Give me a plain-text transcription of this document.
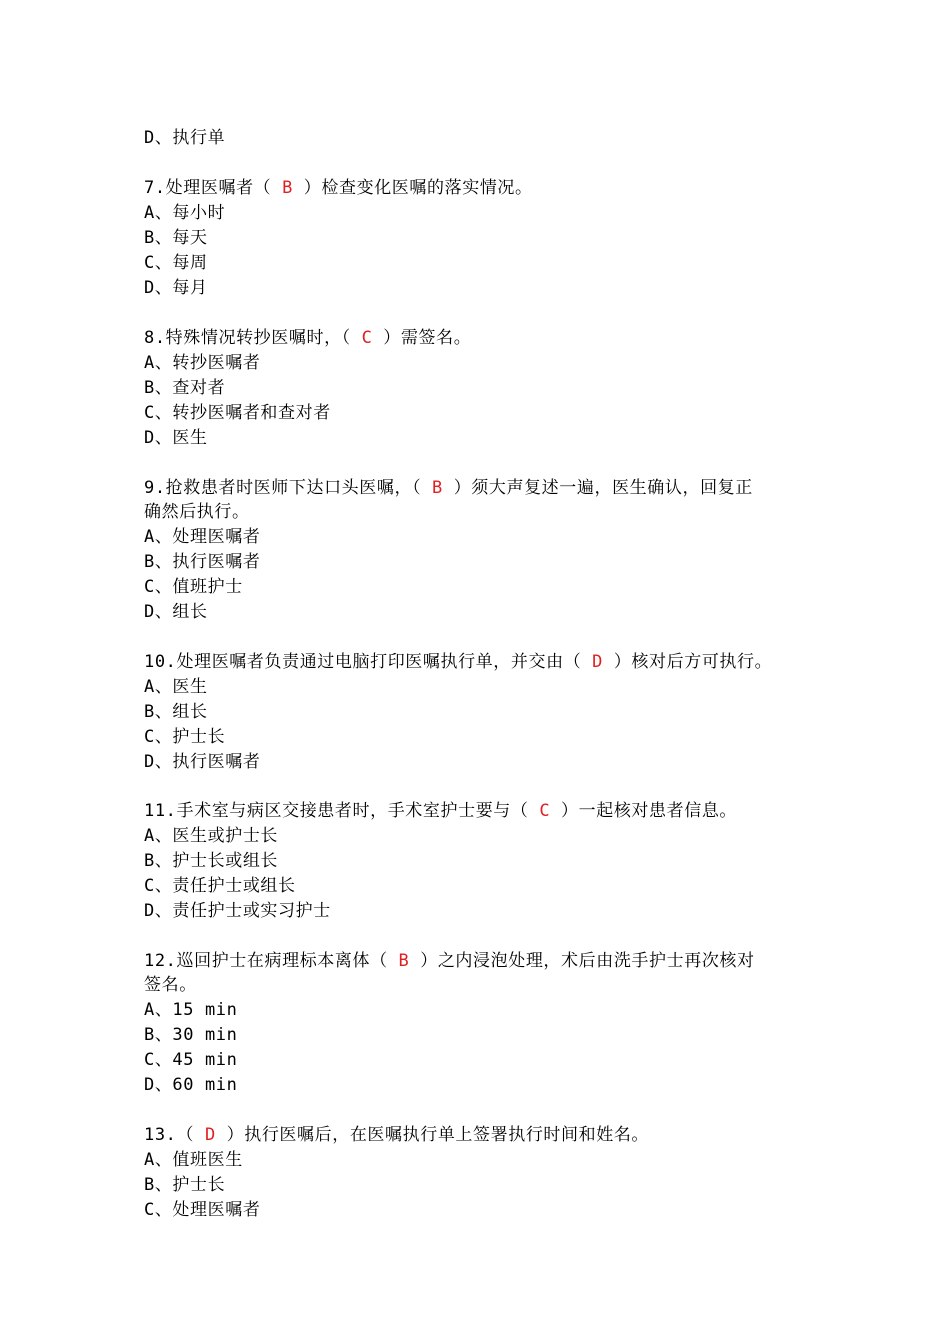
D、执行单
7.处理医嘱者（ B ）检查变化医嘱的落实情况。
A、每小时
B、每天
C、每周
D、每月
8.特殊情况转抄医嘱时，（ C ）需签名。
A、转抄医嘱者
B、查对者
C、转抄医嘱者和查对者
D、医生
9.抢救患者时医师下达口头医嘱，（ B ）须大声复述一遍，医生确认，回复正
确然后执行。
A、处理医嘱者
B、执行医嘱者
C、值班护士
D、组长
10.处理医嘱者负责通过电脑打印医嘱执行单，并交由（ D ）核对后方可执行。
A、医生
B、组长
C、护士长
D、执行医嘱者
11.手术室与病区交接患者时，手术室护士要与（ C ）一起核对患者信息。
A、医生或护士长
B、护士长或组长
C、责任护士或组长
D、责任护士或实习护士
12.巡回护士在病理标本离体（ B ）之内浸泡处理，术后由洗手护士再次核对
签名。
A、15 min
B、30 min
C、45 min
D、60 min
13.（ D ）执行医嘱后，在医嘱执行单上签署执行时间和姓名。
A、值班医生
B、护士长
C、处理医嘱者
